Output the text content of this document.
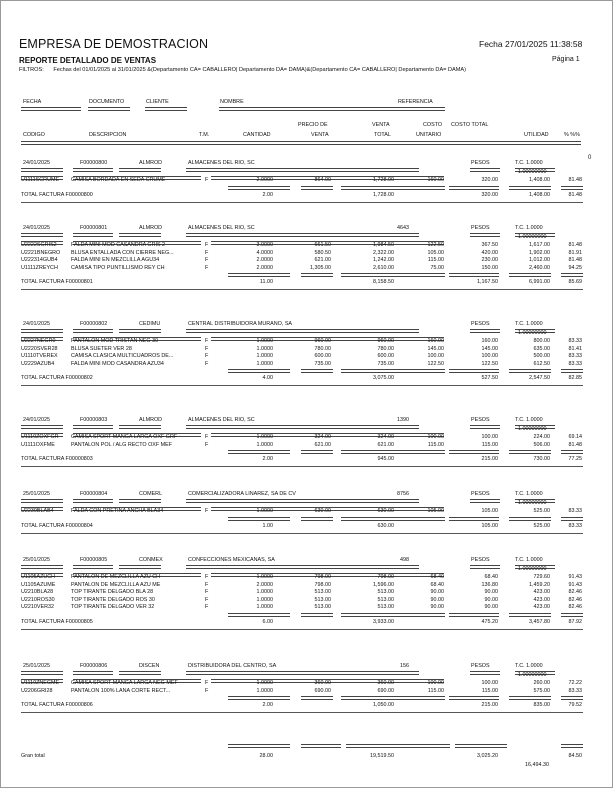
EMPRESA DE DEMOSTRACION	Fecha 27/01/2025 11:38:58
REPORTE DETALLADO DE VENTAS	Página 1
FILTROS: Fechas del 01/01/2025 al 31/01/2025 &(Departamento CA= CABALLERO| Departamento DA= DAMA)&(Departamento CA= CABALLERO| Departamento DA= DAMA)
FECHA	DOCUMENTO	CLIENTE	NOMBRE	REFERENCIA
PRECIO DE	VENTA	COSTO COSTO TOTAL
CODIGO	DESCRIPCION	T.M.	CANTIDAD	VENTA	TOTAL	UNITARIO	UTILIDAD	% %%
0
24/01/2025	F00000800	ALMROD	ALMACENES DEL RIO, SC	PESOS	T.C. 1.0000
1.00000000
U1111SCRUME CAMISA BORDADA EN SEDA CRUME	F	2.0000	864.00	1,728.00	160.00	320.00	1,408.00	81.48
TOTAL FACTURA F00000800	2.00	1,728.00	320.00	1,408.00	81.48
24/01/2025	F00000801	ALMROD	ALMACENES DEL RIO, SC	4643	PESOS	T.C. 1.0000
1.00000000
U2222SGRIS2	FALDA MINI MOD CASANDRA GRIS 2	F	3.0000	661.50	1,984.50	122.50	367.50	1,617.00	81.48
U2221BNEGRO BLUSA ENTALLADA CON CIERRE NEG...	F	4.0000	580.50	2,322.00	105.00	420.00	1,902.00	81.91
U222314GUB4 FALDA MINI EN MEZCLILLA AGU34	F	2.0000	621.00	1,242.00	115.00	230.00	1,012.00	81.48
U1111ZREYCH CAMISA TIPO PUNTILLISMO REY CH	F	2.0000	1,305.00	2,610.00	75.00	150.00	2,460.00	94.25
TOTAL FACTURA F00000801	11.00	8,158.50	1,167.50	6,991.00	85.69
24/01/2025	F00000802	CEDIMU	CENTRAL DISTRIBUIDORA MURANO, SA	PESOS	T.C. 1.0000
1.00000000
U2227NEGR0	PANTALON MOD TRISTAN NEG 30	F	1.0000	960.00	960.00	160.00	160.00	800.00	83.33
U2220SVER28 BLUSA SUETER VER 28	F	1.0000	780.00	780.00	145.00	145.00	635.00	81.41
U1110TVEREX CAMISA CLASICA MULTICUADROS DE...	F	1.0000	600.00	600.00	100.00	100.00	500.00	83.33
U2229AZUB4	FALDA MINI MOD CASANDRA AZU34	F	1.0000	735.00	735.00	122.50	122.50	612.50	83.33
TOTAL FACTURA F00000802	4.00	3,075.00	527.50	2,547.50	82.85
24/01/2025	F00000803	ALMROD	ALMACENES DEL RIO, SC	1390	PESOS	T.C. 1.0000
1.00000000
U1110ZOXFGR CAMISA SPORT MANGA LARGA OXF GRF	F	1.0000	324.00	324.00	100.00	100.00	224.00	69.14
U1111OXFME	PANTALON POL / ALG RECTO OXF MEF	F	1.0000	621.00	621.00	115.00	115.00	506.00	81.48
TOTAL FACTURA F00000803	2.00	945.00	215.00	730.00	77.25
25/01/2025	F00000804	COMERL	COMERCIALIZADORA LINAREZ, SA DE CV	8756	PESOS	T.C. 1.0000
1.00000000
U2230BLAB4	FALDA CON PRETINA ANCHA BLA34	F	1.0000	630.00	630.00	105.00	105.00	525.00	83.33
TOTAL FACTURA F00000804	1.00	630.00	105.00	525.00	83.33
25/01/2025	F00000805	CONMEX	CONFECCIONES MEXICANAS, SA	498	PESOS	T.C. 1.0000
1.00000000
U1105AZUCH	PANTALON DE MEZCLILLA AZU CH	F	1.0000	798.00	798.00	68.40	68.40	729.60	91.43
U1105AZUME	PANTALON DE MEZCLILLA AZU ME	F	2.0000	798.00	1,596.00	68.40	136.80	1,459.20	91.43
U2210BLA28	TOP TIRANTE DELGADO BLA 28	F	1.0000	513.00	513.00	90.00	90.00	423.00	82.46
U2210ROS30	TOP TIRANTE DELGADO ROS 30	F	1.0000	513.00	513.00	90.00	90.00	423.00	82.46
U2210VER32	TOP TIRANTE DELGADO VER 32	F	1.0000	513.00	513.00	90.00	90.00	423.00	82.46
TOTAL FACTURA F00000805	6.00	3,933.00	475.20	3,457.80	87.92
25/01/2025	F00000806	DISCEN	DISTRIBUIDORA DEL CENTRO, SA	156	PESOS	T.C. 1.0000
1.00000000
U1110ZNEGME CAMISA SPORT MANGA LARGA NEG MEF	F	1.0000	360.00	360.00	100.00	100.00	260.00	72.22
U2206GRI28	PANTALON 100% LANA CORTE RECT...	F	1.0000	690.00	690.00	115.00	115.00	575.00	83.33
TOTAL FACTURA F00000806	2.00	1,050.00	215.00	835.00	79.52
Gran total	28.00	19,519.50	3,025.20	84.50
16,494.30
